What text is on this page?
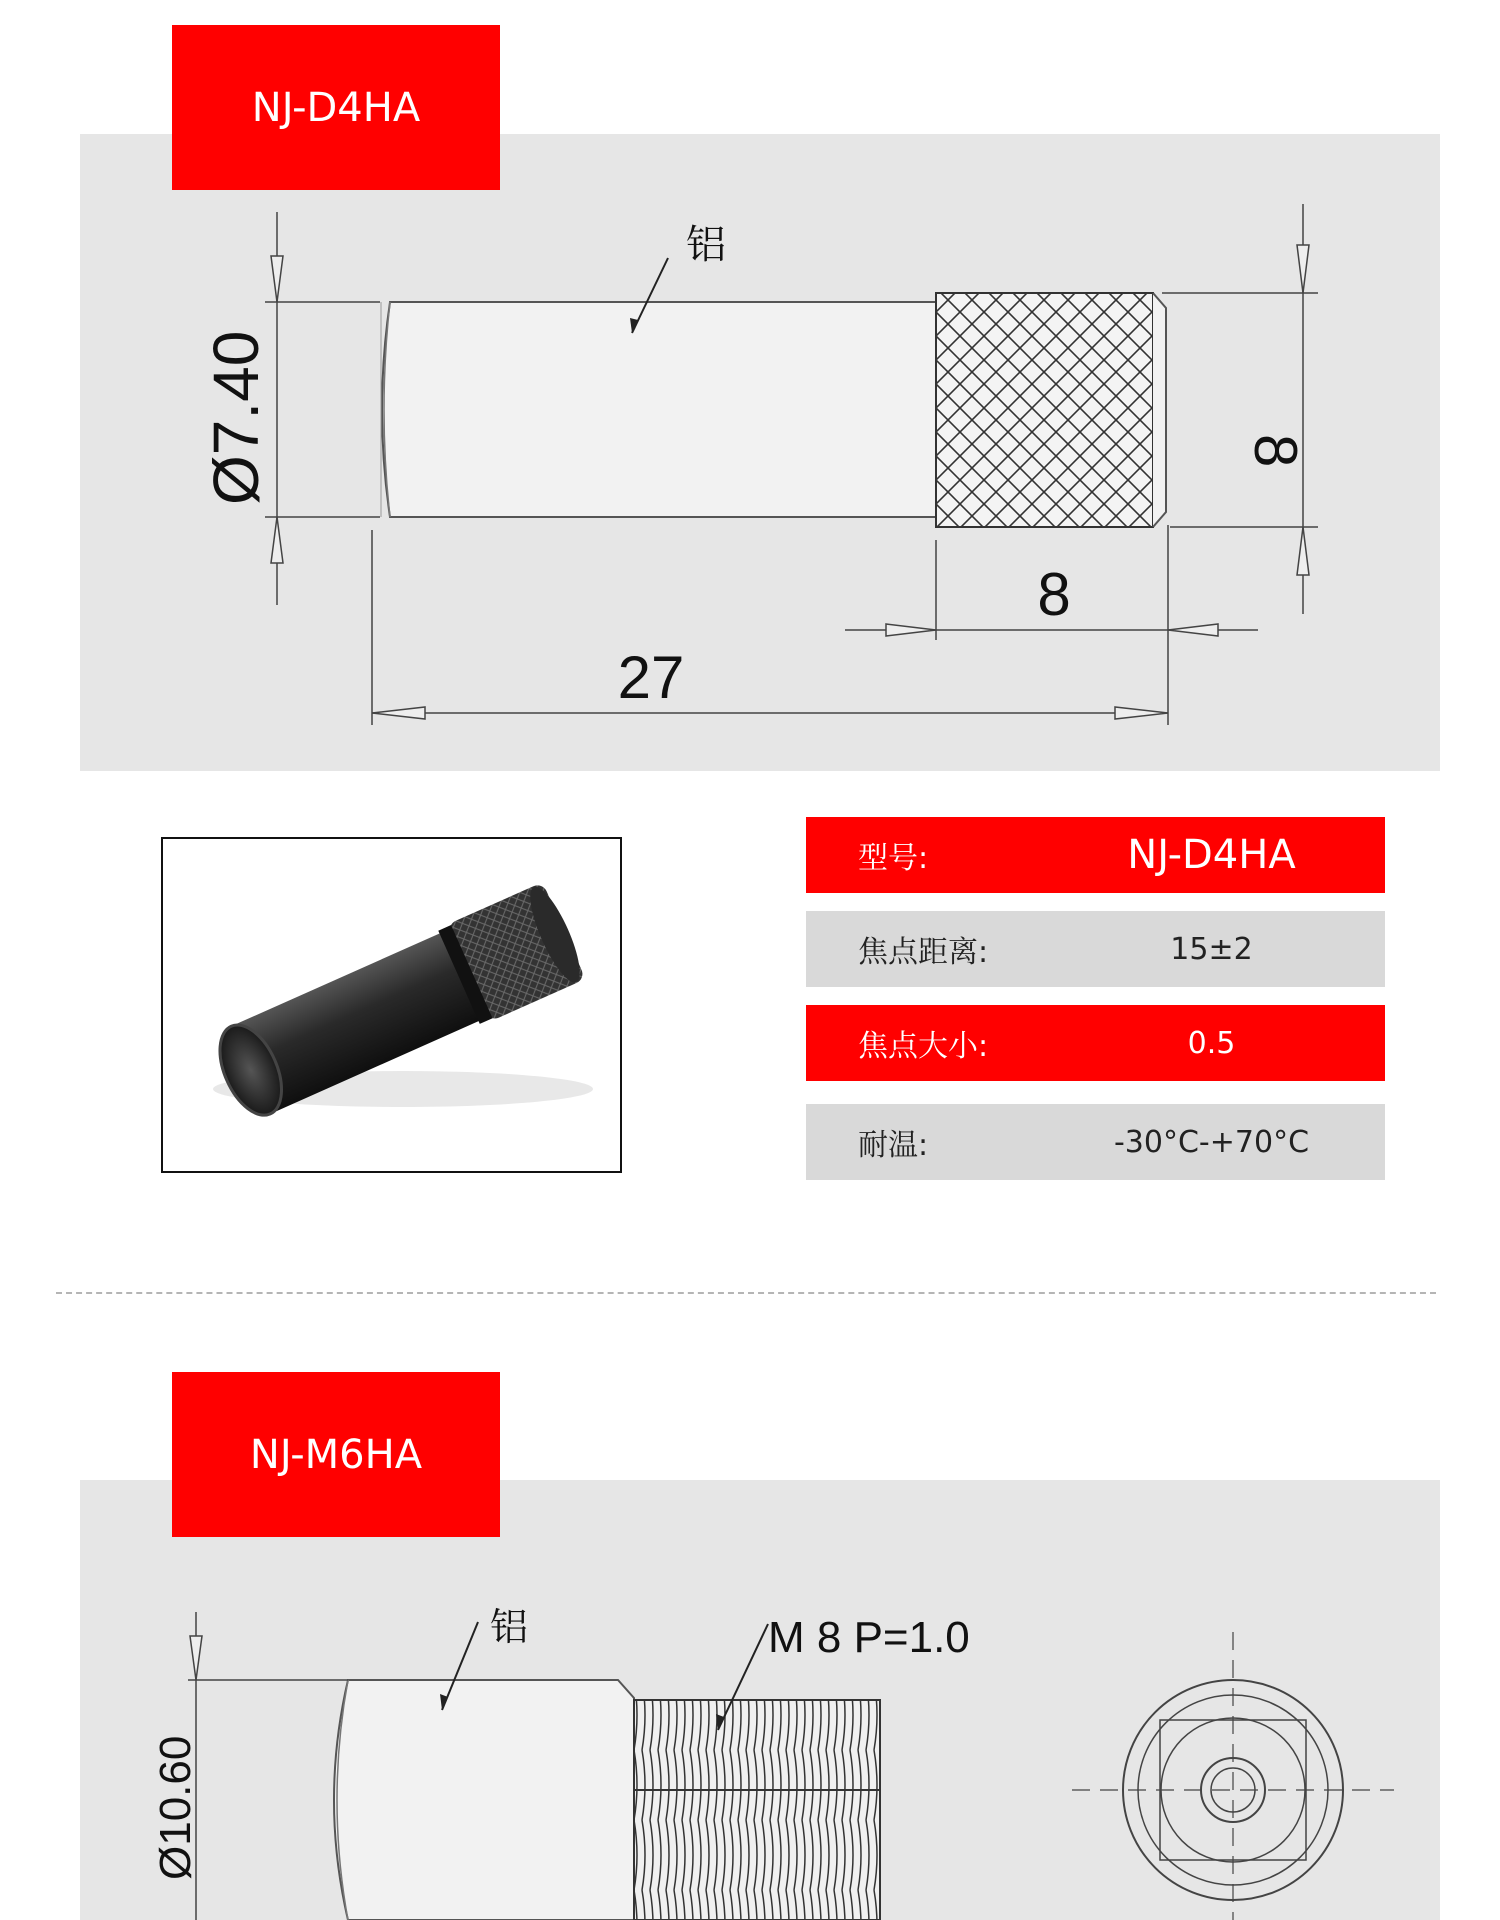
铝
Ø7.40	8
8
27
NJ-D4HA
型号:	NJ-D4HA
焦点距离:	15±2
焦点大小:	0.5
耐温:	-30°C-+70°C
铝	M 8 P=1.0
Ø10.60
NJ-M6HA
